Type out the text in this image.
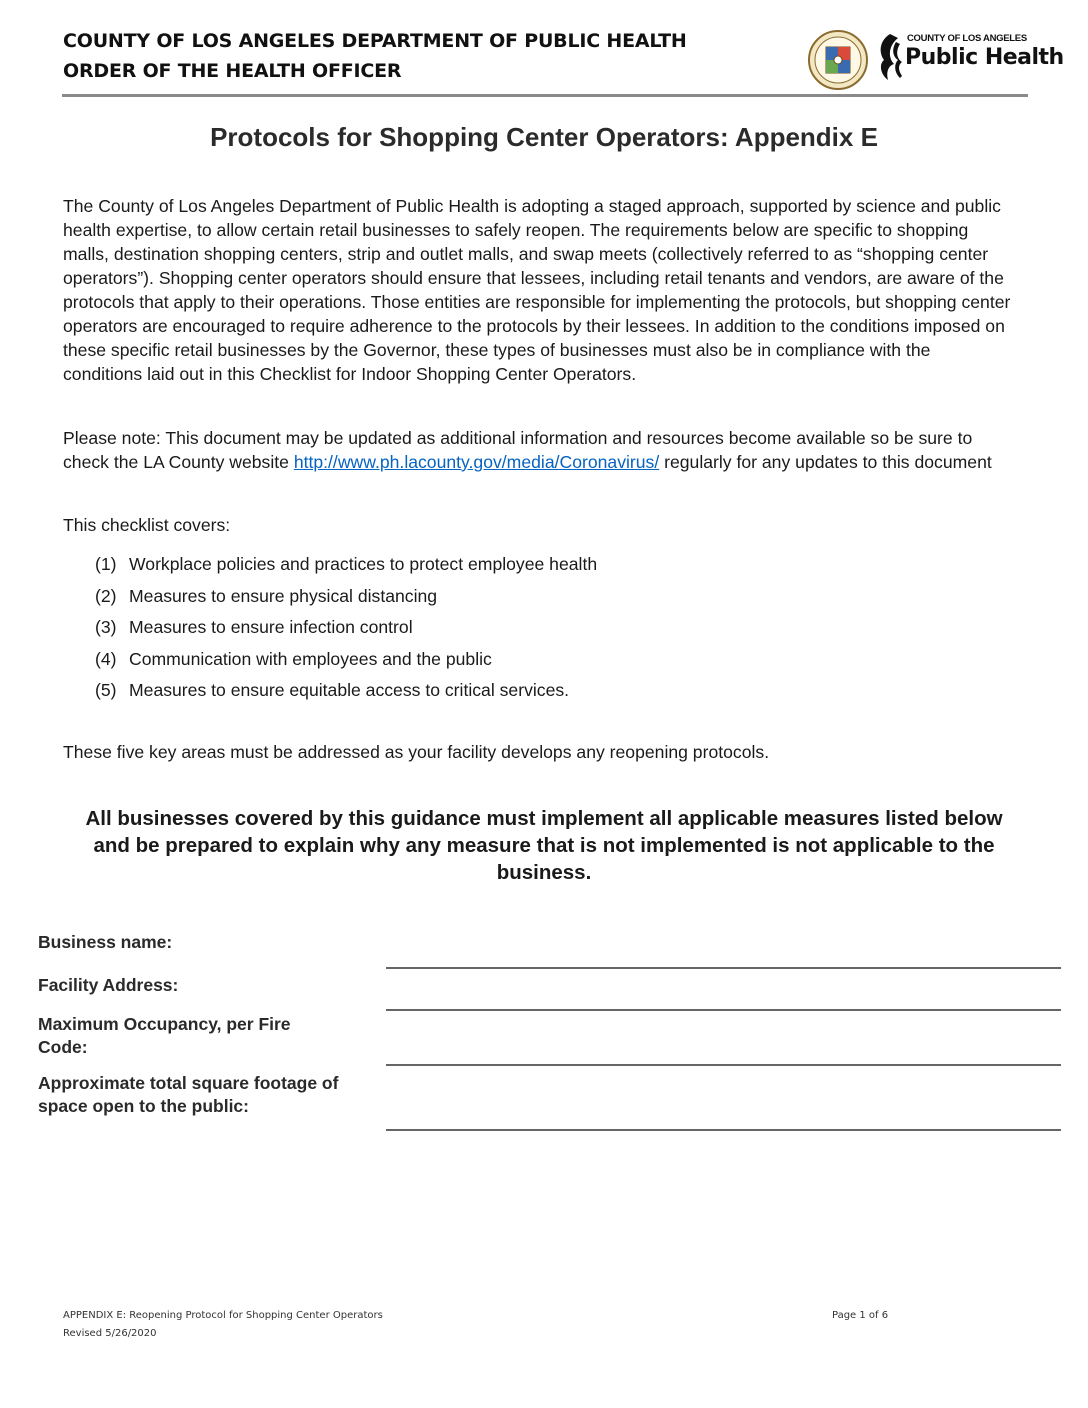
COUNTY OF LOS ANGELES DEPARTMENT OF PUBLIC HEALTH
ORDER OF THE HEALTH OFFICER
COUNTY OF LOS ANGELES
Public Health
Protocols for Shopping Center Operators: Appendix E
The County of Los Angeles Department of Public Health is adopting a staged approach, supported by science and public health expertise, to allow certain retail businesses to safely reopen. The requirements below are specific to shopping malls, destination shopping centers, strip and outlet malls, and swap meets (collectively referred to as “shopping center operators”). Shopping center operators should ensure that lessees, including retail tenants and vendors, are aware of the protocols that apply to their operations. Those entities are responsible for implementing the protocols, but shopping center operators are encouraged to require adherence to the protocols by their lessees. In addition to the conditions imposed on these specific retail businesses by the Governor, these types of businesses must also be in compliance with the conditions laid out in this Checklist for Indoor Shopping Center Operators.
Please note: This document may be updated as additional information and resources become available so be sure to check the LA County website http://www.ph.lacounty.gov/media/Coronavirus/ regularly for any updates to this document
This checklist covers:
(1) Workplace policies and practices to protect employee health
(2) Measures to ensure physical distancing
(3) Measures to ensure infection control
(4) Communication with employees and the public
(5) Measures to ensure equitable access to critical services.
These five key areas must be addressed as your facility develops any reopening protocols.
All businesses covered by this guidance must implement all applicable measures listed below and be prepared to explain why any measure that is not implemented is not applicable to the business.
Business name:
Facility Address:
Maximum Occupancy, per Fire Code:
Approximate total square footage of space open to the public:
APPENDIX E: Reopening Protocol for Shopping Center Operators
Revised 5/26/2020
Page 1 of 6
